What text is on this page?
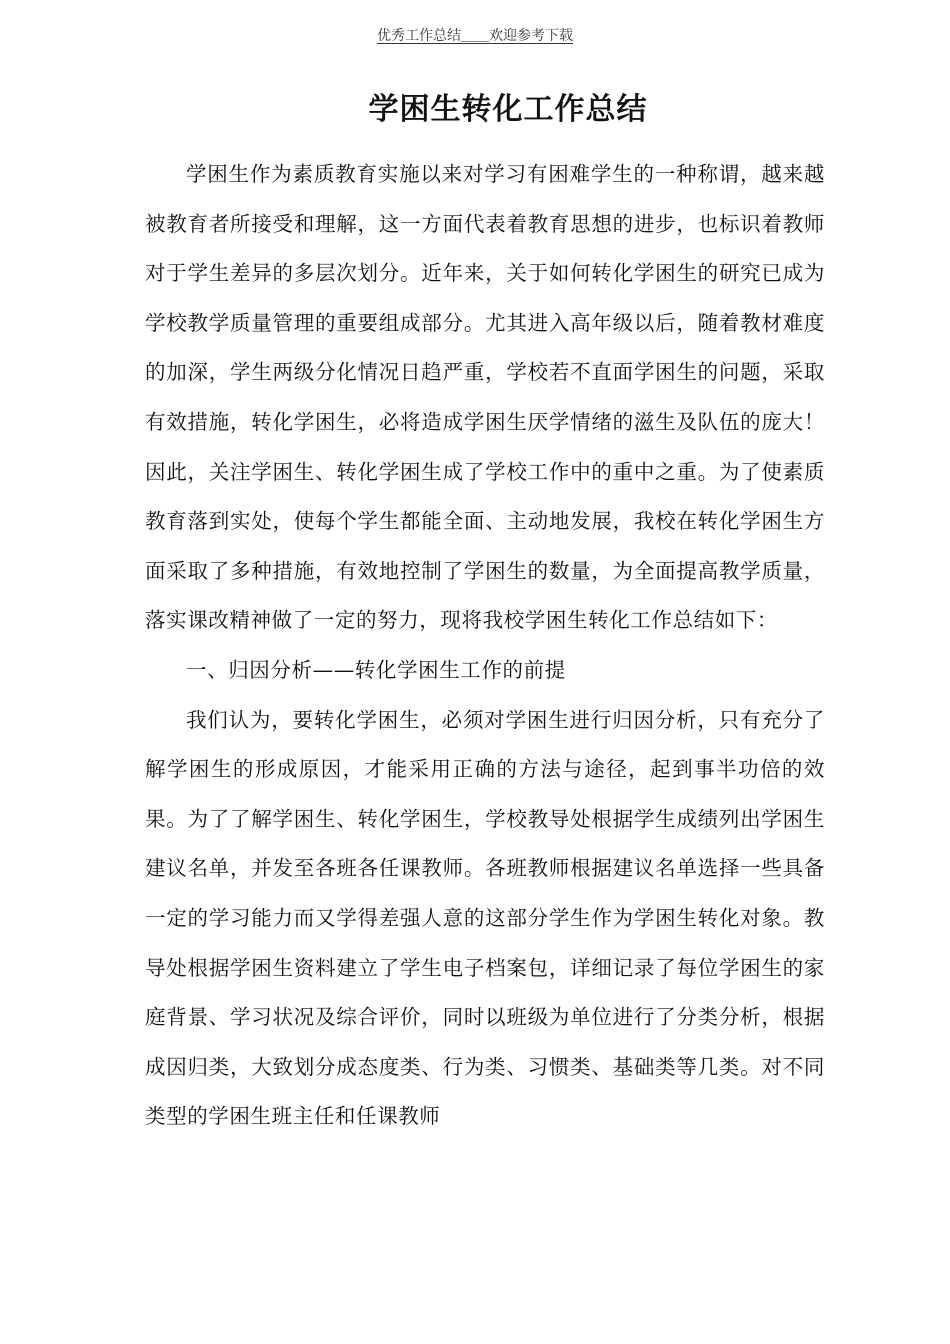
优秀工作总结＿＿欢迎参考下载
学困生转化工作总结

学困生作为素质教育实施以来对学习有困难学生的一种称谓，越来越被教育者所接受和理解，这一方面代表着教育思想的进步，也标识着教师对于学生差异的多层次划分。近年来，关于如何转化学困生的研究已成为学校教学质量管理的重要组成部分。尤其进入高年级以后，随着教材难度的加深，学生两级分化情况日趋严重，学校若不直面学困生的问题，采取有效措施，转化学困生，必将造成学困生厌学情绪的滋生及队伍的庞大！因此，关注学困生、转化学困生成了学校工作中的重中之重。为了使素质教育落到实处，使每个学生都能全面、主动地发展，我校在转化学困生方面采取了多种措施，有效地控制了学困生的数量，为全面提高教学质量，落实课改精神做了一定的努力，现将我校学困生转化工作总结如下：

一、归因分析——转化学困生工作的前提

我们认为，要转化学困生，必须对学困生进行归因分析，只有充分了解学困生的形成原因，才能采用正确的方法与途径，起到事半功倍的效果。为了了解学困生、转化学困生，学校教导处根据学生成绩列出学困生建议名单，并发至各班各任课教师。各班教师根据建议名单选择一些具备一定的学习能力而又学得差强人意的这部分学生作为学困生转化对象。教导处根据学困生资料建立了学生电子档案包，详细记录了每位学困生的家庭背景、学习状况及综合评价，同时以班级为单位进行了分类分析，根据成因归类，大致划分成态度类、行为类、习惯类、基础类等几类。对不同类型的学困生班主任和任课教师
